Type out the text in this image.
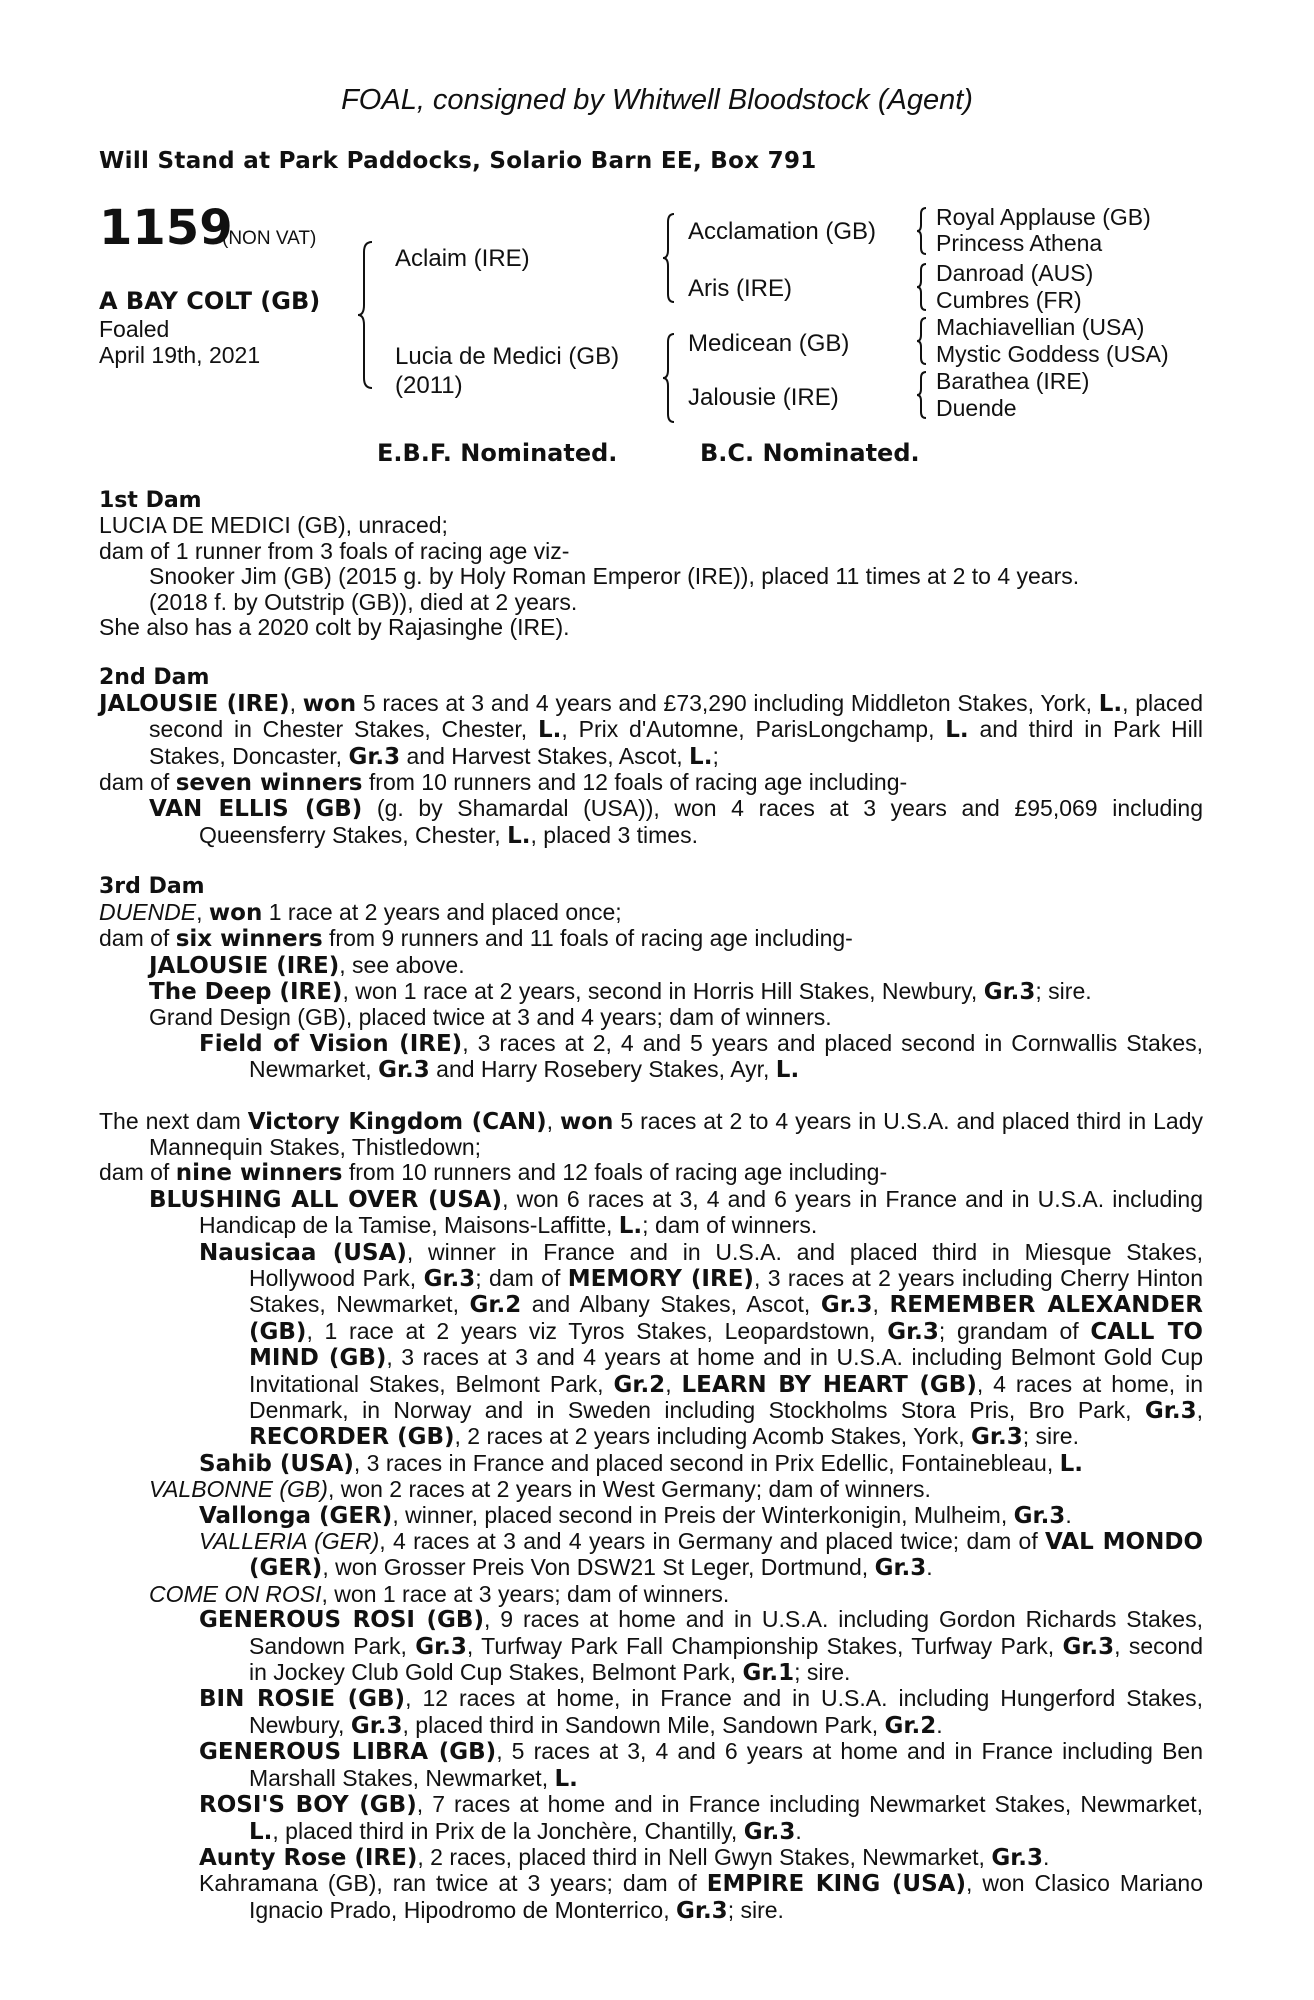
FOAL, consigned by Whitwell Bloodstock (Agent)
Will Stand at Park Paddocks, Solario Barn EE, Box 791
1159
(NON VAT)
A BAY COLT (GB)
Foaled
April 19th, 2021
Aclaim (IRE)
Lucia de Medici (GB)
(2011)
Acclamation (GB)
Aris (IRE)
Medicean (GB)
Jalousie (IRE)
Royal Applause (GB)
Princess Athena
Danroad (AUS)
Cumbres (FR)
Machiavellian (USA)
Mystic Goddess (USA)
Barathea (IRE)
Duende
E.B.F. Nominated.	B.C. Nominated.

1st Dam

LUCIA DE MEDICI (GB), unraced;

dam of 1 runner from 3 foals of racing age viz-

Snooker Jim (GB) (2015 g. by Holy Roman Emperor (IRE)), placed 11 times at 2 to 4 years.

(2018 f. by Outstrip (GB)), died at 2 years.

She also has a 2020 colt by Rajasinghe (IRE).

2nd Dam

JALOUSIE (IRE), won 5 races at 3 and 4 years and £73,290 including Middleton Stakes, York, L., placed second in Chester Stakes, Chester, L., Prix d'Automne, ParisLongchamp, L. and third in Park Hill Stakes, Doncaster, Gr.3 and Harvest Stakes, Ascot, L.;

dam of seven winners from 10 runners and 12 foals of racing age including-

VAN ELLIS (GB) (g. by Shamardal (USA)), won 4 races at 3 years and £95,069 including Queensferry Stakes, Chester, L., placed 3 times.

3rd Dam

DUENDE, won 1 race at 2 years and placed once;

dam of six winners from 9 runners and 11 foals of racing age including-

JALOUSIE (IRE), see above.

The Deep (IRE), won 1 race at 2 years, second in Horris Hill Stakes, Newbury, Gr.3; sire.

Grand Design (GB), placed twice at 3 and 4 years; dam of winners.

Field of Vision (IRE), 3 races at 2, 4 and 5 years and placed second in Cornwallis Stakes, Newmarket, Gr.3 and Harry Rosebery Stakes, Ayr, L.

The next dam Victory Kingdom (CAN), won 5 races at 2 to 4 years in U.S.A. and placed third in Lady Mannequin Stakes, Thistledown;

dam of nine winners from 10 runners and 12 foals of racing age including-

BLUSHING ALL OVER (USA), won 6 races at 3, 4 and 6 years in France and in U.S.A. including Handicap de la Tamise, Maisons-Laffitte, L.; dam of winners.

Nausicaa (USA), winner in France and in U.S.A. and placed third in Miesque Stakes, Hollywood Park, Gr.3; dam of MEMORY (IRE), 3 races at 2 years including Cherry Hinton Stakes, Newmarket, Gr.2 and Albany Stakes, Ascot, Gr.3, REMEMBER ALEXANDER (GB), 1 race at 2 years viz Tyros Stakes, Leopardstown, Gr.3; grandam of CALL TO MIND (GB), 3 races at 3 and 4 years at home and in U.S.A. including Belmont Gold Cup Invitational Stakes, Belmont Park, Gr.2, LEARN BY HEART (GB), 4 races at home, in Denmark, in Norway and in Sweden including Stockholms Stora Pris, Bro Park, Gr.3, RECORDER (GB), 2 races at 2 years including Acomb Stakes, York, Gr.3; sire.

Sahib (USA), 3 races in France and placed second in Prix Edellic, Fontainebleau, L.

VALBONNE (GB), won 2 races at 2 years in West Germany; dam of winners.

Vallonga (GER), winner, placed second in Preis der Winterkonigin, Mulheim, Gr.3.

VALLERIA (GER), 4 races at 3 and 4 years in Germany and placed twice; dam of VAL MONDO (GER), won Grosser Preis Von DSW21 St Leger, Dortmund, Gr.3.

COME ON ROSI, won 1 race at 3 years; dam of winners.

GENEROUS ROSI (GB), 9 races at home and in U.S.A. including Gordon Richards Stakes, Sandown Park, Gr.3, Turfway Park Fall Championship Stakes, Turfway Park, Gr.3, second in Jockey Club Gold Cup Stakes, Belmont Park, Gr.1; sire.

BIN ROSIE (GB), 12 races at home, in France and in U.S.A. including Hungerford Stakes, Newbury, Gr.3, placed third in Sandown Mile, Sandown Park, Gr.2.

GENEROUS LIBRA (GB), 5 races at 3, 4 and 6 years at home and in France including Ben Marshall Stakes, Newmarket, L.

ROSI'S BOY (GB), 7 races at home and in France including Newmarket Stakes, Newmarket, L., placed third in Prix de la Jonchère, Chantilly, Gr.3.

Aunty Rose (IRE), 2 races, placed third in Nell Gwyn Stakes, Newmarket, Gr.3.

Kahramana (GB), ran twice at 3 years; dam of EMPIRE KING (USA), won Clasico Mariano Ignacio Prado, Hipodromo de Monterrico, Gr.3; sire.
